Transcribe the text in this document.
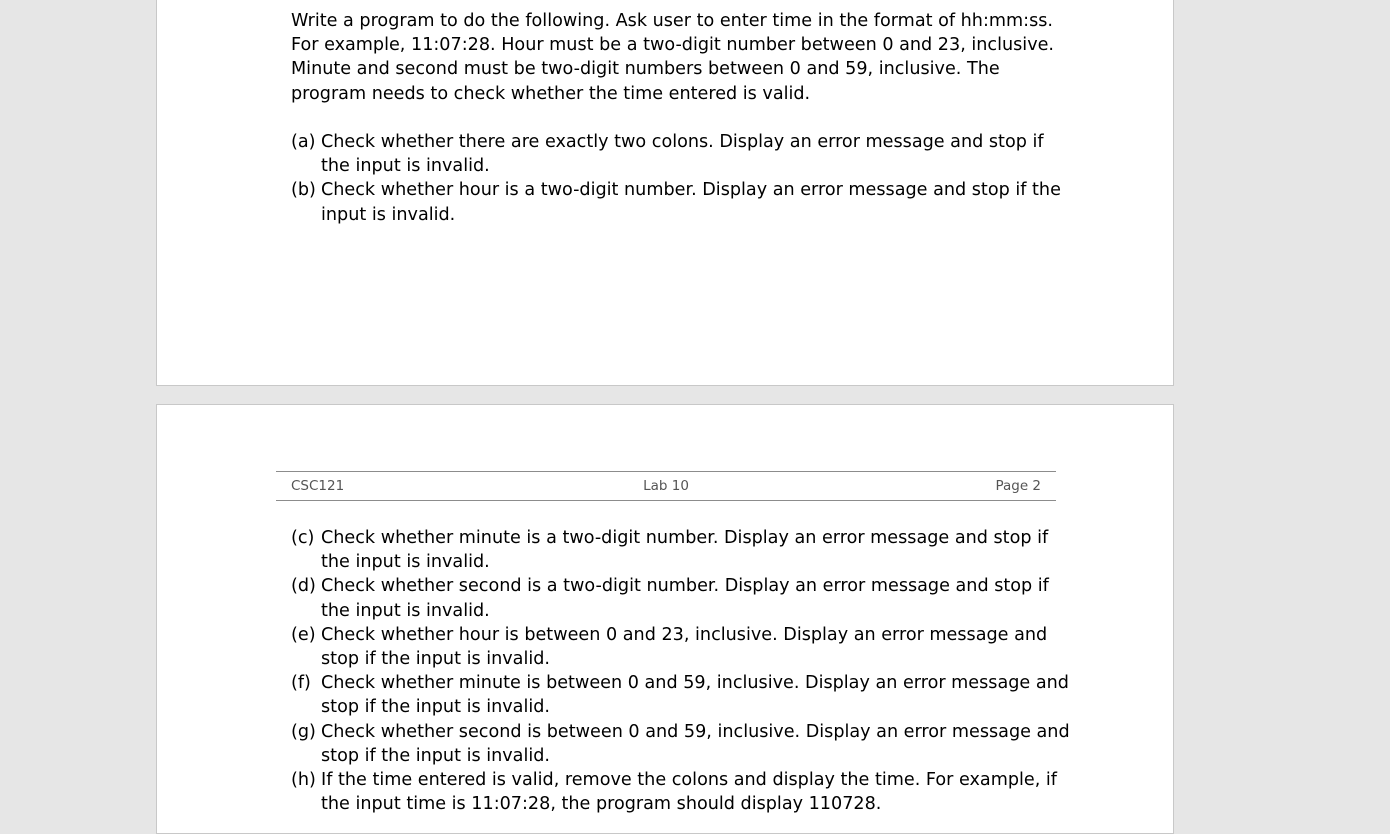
Write a program to do the following. Ask user to enter time in the format of hh:mm:ss.
For example, 11:07:28. Hour must be a two-digit number between 0 and 23, inclusive.
Minute and second must be two-digit numbers between 0 and 59, inclusive. The
program needs to check whether the time entered is valid.
(a) Check whether there are exactly two colons. Display an error message and stop if
the input is invalid.
(b) Check whether hour is a two-digit number. Display an error message and stop if the
input is invalid.
CSC121	Lab 10	Page 2
(c) Check whether minute is a two-digit number. Display an error message and stop if
the input is invalid.
(d) Check whether second is a two-digit number. Display an error message and stop if
the input is invalid.
(e) Check whether hour is between 0 and 23, inclusive. Display an error message and
stop if the input is invalid.
(f) Check whether minute is between 0 and 59, inclusive. Display an error message and
stop if the input is invalid.
(g) Check whether second is between 0 and 59, inclusive. Display an error message and
stop if the input is invalid.
(h) If the time entered is valid, remove the colons and display the time. For example, if
the input time is 11:07:28, the program should display 110728.
